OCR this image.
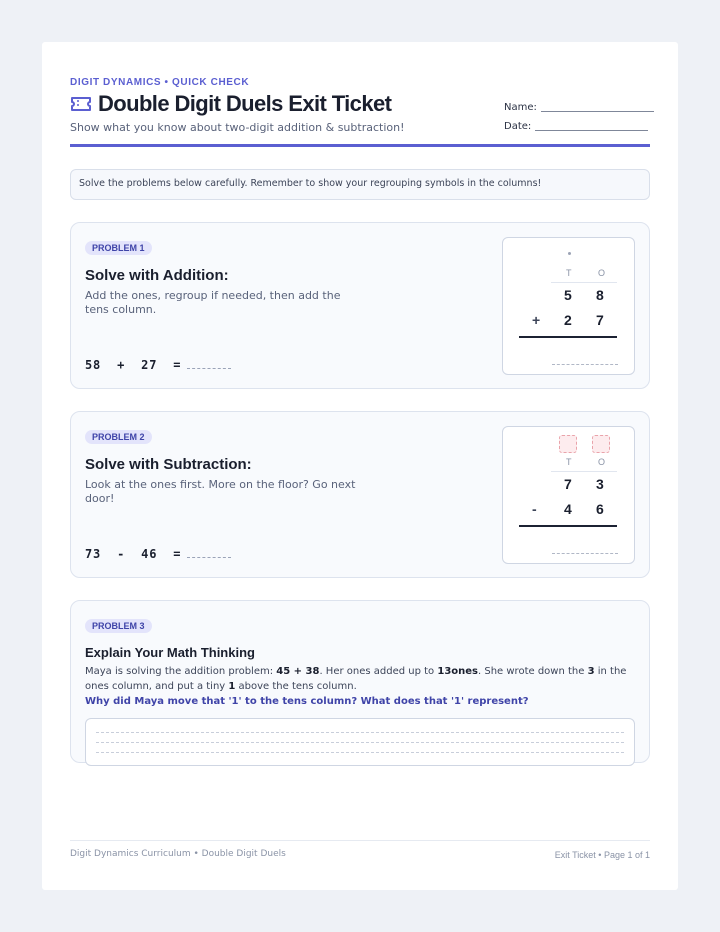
DIGIT DYNAMICS • QUICK CHECK
Double Digit Duels Exit Ticket
Show what you know about two-digit addition & subtraction!
Name:
Date:
Solve the problems below carefully. Remember to show your regrouping symbols in the columns!
PROBLEM 1
Solve with Addition:
Add the ones, regroup if needed, then add the tens column.
58  +  27  =
T	O
5 8
+ 2 7
PROBLEM 2
Solve with Subtraction:
Look at the ones first. More on the floor? Go next door!
73  -  46  =
T	O
7 3
- 4 6
PROBLEM 3
Explain Your Math Thinking
Maya is solving the addition problem: 45 + 38. Her ones added up to 13ones. She wrote down the 3 in the ones column, and put a tiny 1 above the tens column.
Why did Maya move that '1' to the tens column? What does that '1' represent?
Digit Dynamics Curriculum • Double Digit Duels	Exit Ticket • Page 1 of 1
